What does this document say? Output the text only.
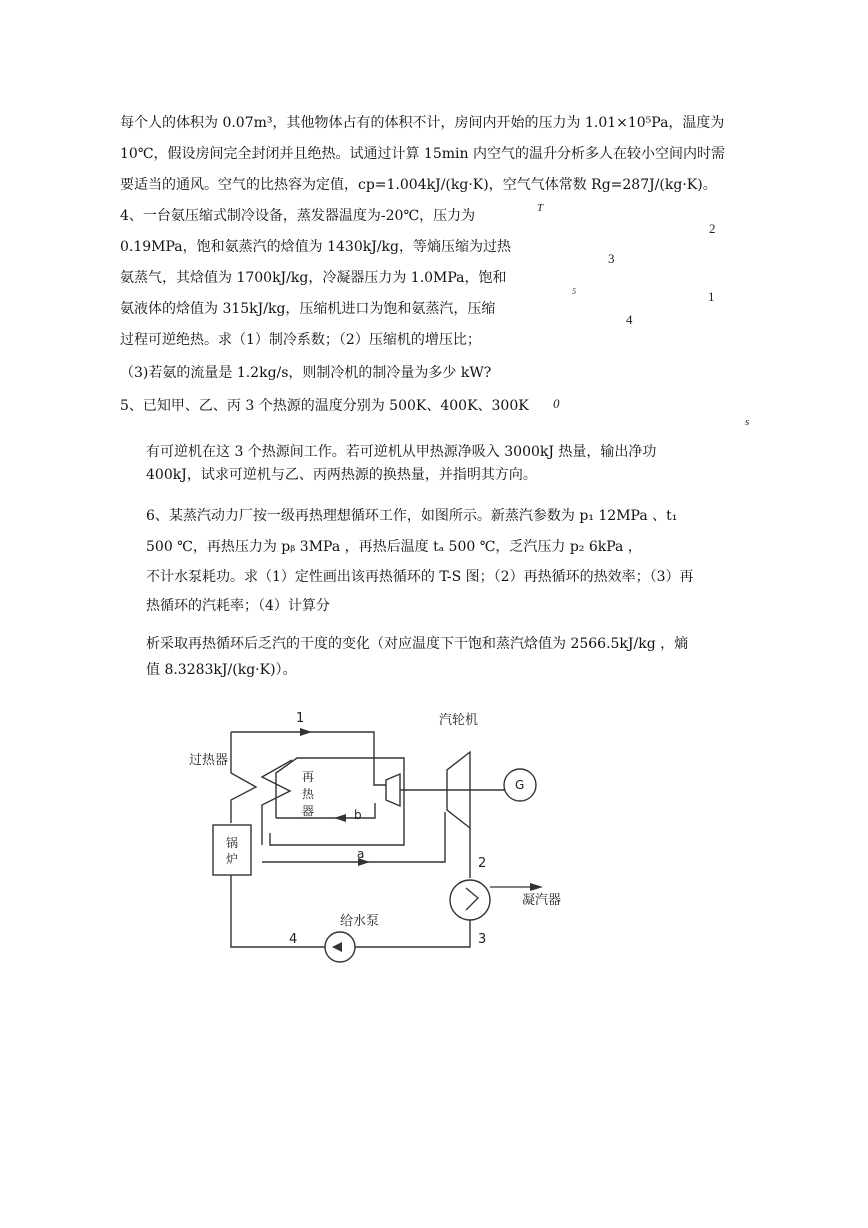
每个人的体积为 0.07m³，其他物体占有的体积不计，房间内开始的压力为 1.01×10⁵Pa，温度为
10℃，假设房间完全封闭并且绝热。试通过计算 15min 内空气的温升分析多人在较小空间内时需
要适当的通风。空气的比热容为定值，cp=1.004kJ/(kg·K)，空气气体常数 Rg=287J/(kg·K)。
4、一台氨压缩式制冷设备，蒸发器温度为-20℃，压力为
0.19MPa，饱和氨蒸汽的焓值为 1430kJ/kg，等熵压缩为过热
氨蒸气，其焓值为 1700kJ/kg，冷凝器压力为 1.0MPa，饱和
氨液体的焓值为 315kJ/kg，压缩机进口为饱和氨蒸汽，压缩
过程可逆绝热。求（1）制冷系数；（2）压缩机的增压比；
（3)若氨的流量是 1.2kg/s，则制冷机的制冷量为多少 kW?
T
2
3
5	1
4
0
s
5、已知甲、乙、丙 3 个热源的温度分别为 500K、400K、300K
有可逆机在这 3 个热源间工作。若可逆机从甲热源净吸入 3000kJ 热量，输出净功
400kJ，试求可逆机与乙、丙两热源的换热量，并指明其方向。
6、某蒸汽动力厂按一级再热理想循环工作，如图所示。新蒸汽参数为 p₁ 12MPa 、t₁
500 ℃，再热压力为 pᵦ 3MPa ，再热后温度 tₐ 500 ℃，乏汽压力 p₂ 6kPa ，
不计水泵耗功。求（1）定性画出该再热循环的 T-S 图；（2）再热循环的热效率；（3）再
热循环的汽耗率；（4）计算分
析采取再热循环后乏汽的干度的变化（对应温度下干饱和蒸汽焓值为 2566.5kJ/kg ，熵
值 8.3283kJ/(kg·K)）。
1
过热器
再
热
器	b
汽轮机
G
锅
炉	a
2
凝汽器
3
给水泵
4
